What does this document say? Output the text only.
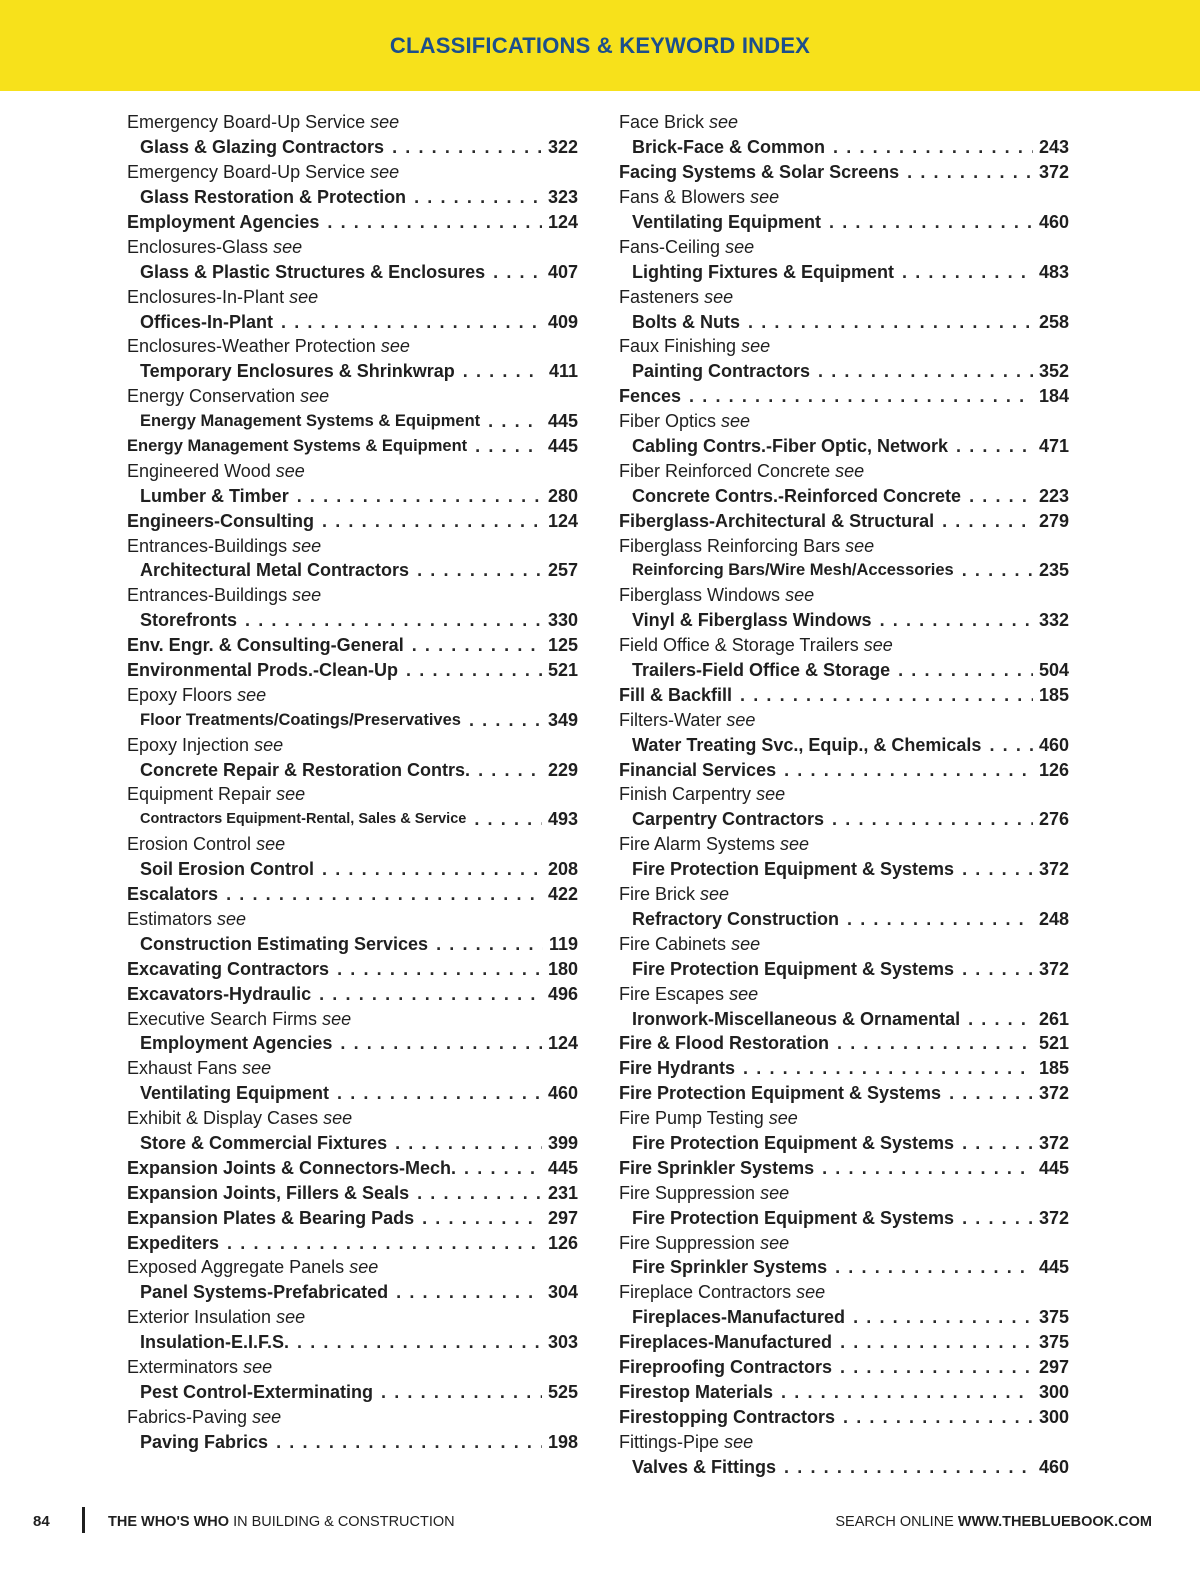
CLASSIFICATIONS & KEYWORD INDEX
Emergency Board-Up Service
see
Glass & Glazing Contractors . . .	322
Emergency Board-Up Service
see
Glass Restoration & Protection . . .	323
Employment Agencies . . .	124
Enclosures-Glass
see
Glass & Plastic Structures & Enclosures . . .	407
Enclosures-In-Plant
see
Offices-In-Plant . . .	409
Enclosures-Weather Protection
see
Temporary Enclosures & Shrinkwrap . . .	411
Energy Conservation
see
Energy Management Systems & Equipment . . .	445
Energy Management Systems & Equipment . . .	445
Engineered Wood
see
Lumber & Timber . . .	280
Engineers-Consulting . . .	124
Entrances-Buildings
see
Architectural Metal Contractors . . .	257
Entrances-Buildings
see
Storefronts . . .	330
Env. Engr. & Consulting-General . . .	125
Environmental Prods.-Clean-Up . . .	521
Epoxy Floors
see
Floor Treatments/Coatings/Preservatives . . .	349
Epoxy Injection
see
Concrete Repair & Restoration Contrs. . . .	229
Equipment Repair
see
Contractors Equipment-Rental, Sales & Service . . .	493
Erosion Control
see
Soil Erosion Control . . .	208
Escalators . . .	422
Estimators
see
Construction Estimating Services . . .	119
Excavating Contractors . . .	180
Excavators-Hydraulic . . .	496
Executive Search Firms
see
Employment Agencies . . .	124
Exhaust Fans
see
Ventilating Equipment . . .	460
Exhibit & Display Cases
see
Store & Commercial Fixtures . . .	399
Expansion Joints & Connectors-Mech. . . .	445
Expansion Joints, Fillers & Seals . . .	231
Expansion Plates & Bearing Pads . . .	297
Expediters . . .	126
Exposed Aggregate Panels
see
Panel Systems-Prefabricated . . .	304
Exterior Insulation
see
Insulation-E.I.F.S. . . .	303
Exterminators
see
Pest Control-Exterminating . . .	525
Fabrics-Paving
see
Paving Fabrics . . .	198
Face Brick
see
Brick-Face & Common . . .	243
Facing Systems & Solar Screens . . .	372
Fans & Blowers
see
Ventilating Equipment . . .	460
Fans-Ceiling
see
Lighting Fixtures & Equipment . . .	483
Fasteners
see
Bolts & Nuts . . .	258
Faux Finishing
see
Painting Contractors . . .	352
Fences . . .	184
Fiber Optics
see
Cabling Contrs.-Fiber Optic, Network . . .	471
Fiber Reinforced Concrete
see
Concrete Contrs.-Reinforced Concrete . . .	223
Fiberglass-Architectural & Structural . . .	279
Fiberglass Reinforcing Bars
see
Reinforcing Bars/Wire Mesh/Accessories . . .	235
Fiberglass Windows
see
Vinyl & Fiberglass Windows . . .	332
Field Office & Storage Trailers
see
Trailers-Field Office & Storage . . .	504
Fill & Backfill . . .	185
Filters-Water
see
Water Treating Svc., Equip., & Chemicals . . .	460
Financial Services . . .	126
Finish Carpentry
see
Carpentry Contractors . . .	276
Fire Alarm Systems
see
Fire Protection Equipment & Systems . . .	372
Fire Brick
see
Refractory Construction . . .	248
Fire Cabinets
see
Fire Protection Equipment & Systems . . .	372
Fire Escapes
see
Ironwork-Miscellaneous & Ornamental . . .	261
Fire & Flood Restoration . . .	521
Fire Hydrants . . .	185
Fire Protection Equipment & Systems . . .	372
Fire Pump Testing
see
Fire Protection Equipment & Systems . . .	372
Fire Sprinkler Systems . . .	445
Fire Suppression
see
Fire Protection Equipment & Systems . . .	372
Fire Suppression
see
Fire Sprinkler Systems . . .	445
Fireplace Contractors
see
Fireplaces-Manufactured . . .	375
Fireplaces-Manufactured . . .	375
Fireproofing Contractors . . .	297
Firestop Materials . . .	300
Firestopping Contractors . . .	300
Fittings-Pipe
see
Valves & Fittings . . .	460
84	THE WHO'S WHO IN BUILDING & CONSTRUCTION	SEARCH ONLINE WWW.THEBLUEBOOK.COM
